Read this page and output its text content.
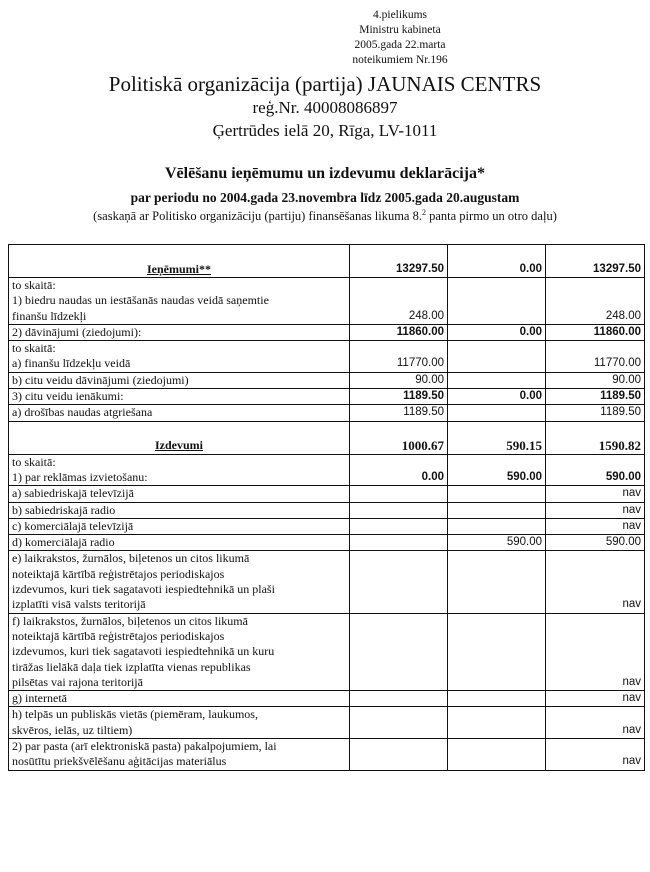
4.pielikums
Ministru kabineta
2005.gada 22.marta
noteikumiem Nr.196
Politiskā organizācija (partija) JAUNAIS CENTRS
reģ.Nr. 40008086897
Ģertrūdes ielā 20, Rīga, LV-1011
Vēlēšanu ieņēmumu un izdevumu deklarācija*
par periodu no 2004.gada 23.novembra līdz 2005.gada 20.augustam
(saskaņā ar Politisko organizāciju (partiju) finansēšanas likuma 8.$^2$ panta pirmo un otro daļu)
Ieņēmumi**	13297.50	0.00	13297.50

to skaitā:
1) biedru naudas un iestāšanās naudas veidā saņemtie
finanšu līdzekļi	248.00		248.00

2) dāvinājumi (ziedojumi):	11860.00	0.00	11860.00

to skaitā:
a) finanšu līdzekļu veidā	11770.00		11770.00

b) citu veidu dāvinājumi (ziedojumi)	90.00		90.00

3) citu veidu ienākumi:	1189.50	0.00	1189.50

a) drošības naudas atgriešana	1189.50		1189.50
Izdevumi	1000.67	590.15	1590.82

to skaitā:
1) par reklāmas izvietošanu:	0.00	590.00	590.00

a) sabiedriskajā televīzijā			nav

b) sabiedriskajā radio			nav

c) komerciālajā televīzijā			nav

d) komerciālajā radio		590.00	590.00

e) laikrakstos, žurnālos, biļetenos un citos likumā
noteiktajā kārtībā reģistrētajos periodiskajos
izdevumos, kuri tiek sagatavoti iespiedtehnikā un plaši
izplatīti visā valsts teritorijā			nav

f) laikrakstos, žurnālos, biļetenos un citos likumā
noteiktajā kārtībā reģistrētajos periodiskajos
izdevumos, kuri tiek sagatavoti iespiedtehnikā un kuru
tirāžas lielākā daļa tiek izplatīta vienas republikas
pilsētas vai rajona teritorijā			nav

g) internetā			nav

h) telpās un publiskās vietās (piemēram, laukumos,
skvēros, ielās, uz tiltiem)			nav

2) par pasta (arī elektroniskā pasta) pakalpojumiem, lai
nosūtītu priekšvēlēšanu aģitācijas materiālus			nav
